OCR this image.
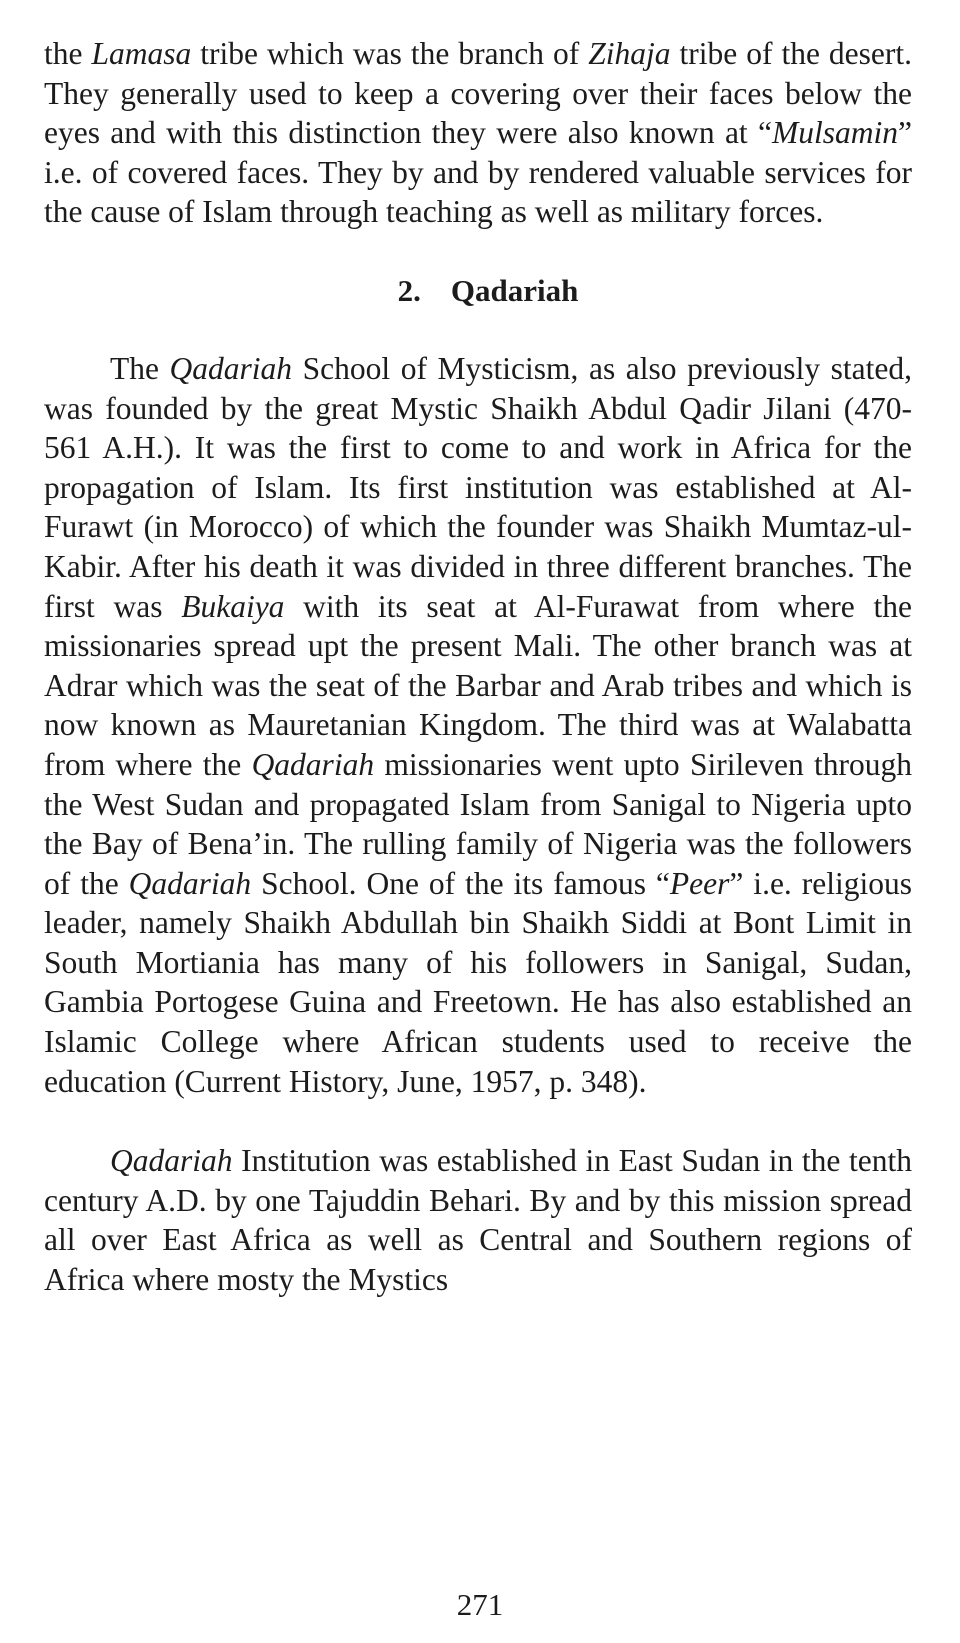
the Lamasa tribe which was the branch of Zihaja tribe of the desert. They generally used to keep a covering over their faces below the eyes and with this distinction they were also known at “Mulsamin” i.e. of covered faces. They by and by rendered valuable services for the cause of Islam through teaching as well as military forces.

2. Qadariah

The Qadariah School of Mysticism, as also previously stated, was founded by the great Mystic Shaikh Abdul Qadir Jilani (470-561 A.H.). It was the first to come to and work in Africa for the propagation of Islam. Its first institution was established at Al-Furawt (in Morocco) of which the founder was Shaikh Mumtaz-ul-Kabir. After his death it was divided in three different branches. The first was Bukaiya with its seat at Al-Furawat from where the missionaries spread upt the present Mali. The other branch was at Adrar which was the seat of the Barbar and Arab tribes and which is now known as Mauretanian Kingdom. The third was at Walabatta from where the Qadariah missionaries went upto Sirileven through the West Sudan and propagated Islam from Sanigal to Nigeria upto the Bay of Bena’in. The rulling family of Nigeria was the followers of the Qadariah School. One of the its famous “Peer” i.e. religious leader, namely Shaikh Abdullah bin Shaikh Siddi at Bont Limit in South Mortiania has many of his followers in Sanigal, Sudan, Gambia Portogese Guina and Freetown. He has also established an Islamic College where African students used to receive the education (Current History, June, 1957, p. 348).

Qadariah Institution was established in East Sudan in the tenth century A.D. by one Tajuddin Behari. By and by this mission spread all over East Africa as well as Central and Southern regions of Africa where mosty the Mystics

271
